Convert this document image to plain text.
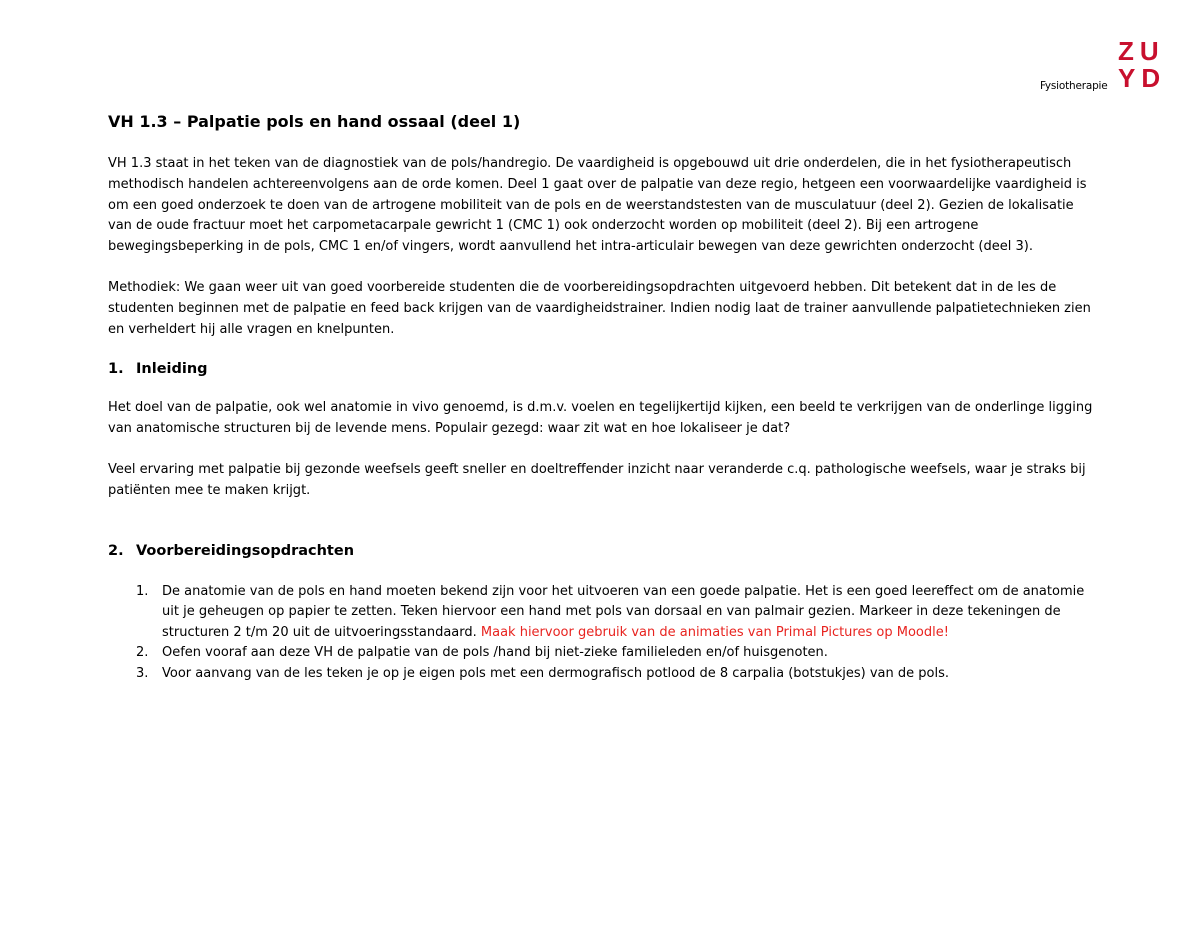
Fysiotherapie
ZU
YD
VH 1.3 – Palpatie pols en hand ossaal (deel 1)

VH 1.3 staat in het teken van de diagnostiek van de pols/handregio. De vaardigheid is opgebouwd uit drie onderdelen, die in het fysiotherapeutisch methodisch handelen achtereenvolgens aan de orde komen. Deel 1 gaat over de palpatie van deze regio, hetgeen een voorwaardelijke vaardigheid is om een goed onderzoek te doen van de artrogene mobiliteit van de pols en de weerstandstesten van de musculatuur (deel 2). Gezien de lokalisatie van de oude fractuur moet het carpometacarpale gewricht 1 (CMC 1) ook onderzocht worden op mobiliteit (deel 2). Bij een artrogene bewegingsbeperking in de pols, CMC 1 en/of vingers, wordt aanvullend het intra-articulair bewegen van deze gewrichten onderzocht (deel 3).

Methodiek: We gaan weer uit van goed voorbereide studenten die de voorbereidingsopdrachten uitgevoerd hebben. Dit betekent dat in de les de studenten beginnen met de palpatie en feed back krijgen van de vaardigheidstrainer. Indien nodig laat de trainer aanvullende palpatietechnieken zien en verheldert hij alle vragen en knelpunten.

1. Inleiding

Het doel van de palpatie, ook wel anatomie in vivo genoemd, is d.m.v. voelen en tegelijkertijd kijken, een beeld te verkrijgen van de onderlinge ligging van anatomische structuren bij de levende mens. Populair gezegd: waar zit wat en hoe lokaliseer je dat?

Veel ervaring met palpatie bij gezonde weefsels geeft sneller en doeltreffender inzicht naar veranderde c.q. pathologische weefsels, waar je straks bij patiënten mee te maken krijgt.

2. Voorbereidingsopdrachten
1. De anatomie van de pols en hand moeten bekend zijn voor het uitvoeren van een goede palpatie. Het is een goed leereffect om de anatomie uit je geheugen op papier te zetten. Teken hiervoor een hand met pols van dorsaal en van palmair gezien. Markeer in deze tekeningen de structuren 2 t/m 20 uit de uitvoeringsstandaard. Maak hiervoor gebruik van de animaties van Primal Pictures op Moodle!
2. Oefen vooraf aan deze VH de palpatie van de pols /hand bij niet-zieke familieleden en/of huisgenoten.
3. Voor aanvang van de les teken je op je eigen pols met een dermografisch potlood de 8 carpalia (botstukjes) van de pols.
